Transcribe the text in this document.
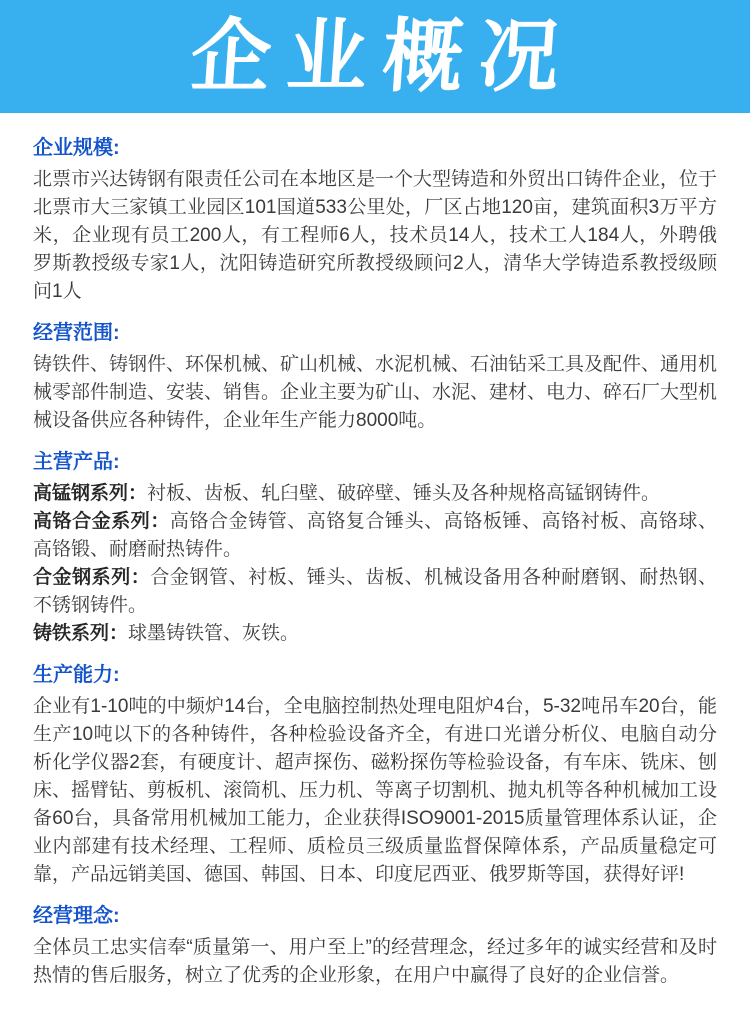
企业概况
企业规模:

北票市兴达铸钢有限责任公司在本地区是一个大型铸造和外贸出口铸件企业，位于北票市大三家镇工业园区101国道533公里处，厂区占地120亩，建筑面积3万平方米，企业现有员工200人，有工程师6人，技术员14人，技术工人184人，外聘俄罗斯教授级专家1人，沈阳铸造研究所教授级顾问2人，清华大学铸造系教授级顾问1人

经营范围:

铸铁件、铸钢件、环保机械、矿山机械、水泥机械、石油钻采工具及配件、通用机械零部件制造、安装、销售。企业主要为矿山、水泥、建材、电力、碎石厂大型机械设备供应各种铸件，企业年生产能力8000吨。

主营产品:

高锰钢系列：衬板、齿板、轧臼壁、破碎壁、锤头及各种规格高锰钢铸件。

高铬合金系列：高铬合金铸管、高铬复合锤头、高铬板锤、高铬衬板、高铬球、高铬锻、耐磨耐热铸件。

合金钢系列：合金钢管、衬板、锤头、齿板、机械设备用各种耐磨钢、耐热钢、不锈钢铸件。

铸铁系列：球墨铸铁管、灰铁。

生产能力:

企业有1-10吨的中频炉14台，全电脑控制热处理电阻炉4台，5-32吨吊车20台，能生产10吨以下的各种铸件，各种检验设备齐全，有进口光谱分析仪、电脑自动分析化学仪器2套，有硬度计、超声探伤、磁粉探伤等检验设备，有车床、铣床、刨床、摇臂钻、剪板机、滚筒机、压力机、等离子切割机、抛丸机等各种机械加工设备60台，具备常用机械加工能力，企业获得ISO9001-2015质量管理体系认证，企业内部建有技术经理、工程师、质检员三级质量监督保障体系，产品质量稳定可靠，产品远销美国、德国、韩国、日本、印度尼西亚、俄罗斯等国，获得好评!

经营理念:

全体员工忠实信奉“质量第一、用户至上”的经营理念，经过多年的诚实经营和及时热情的售后服务，树立了优秀的企业形象，在用户中赢得了良好的企业信誉。
